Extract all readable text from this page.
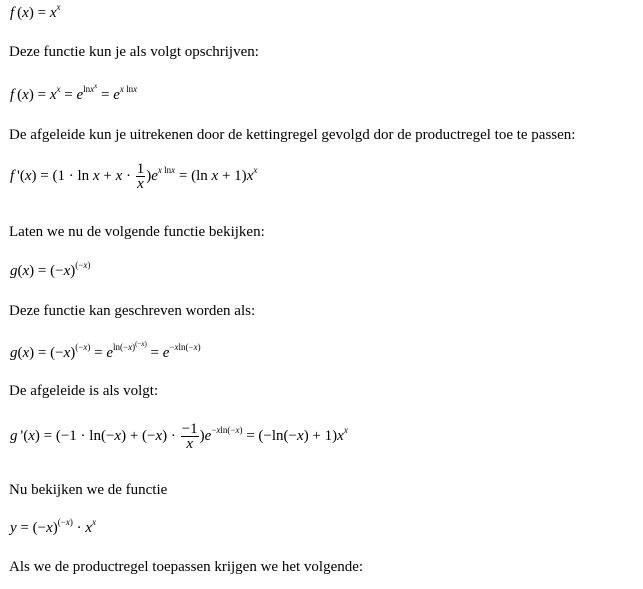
f $(x) = x^x$
Deze functie kun je als volgt opschrijven:
f $(x) = x^x = e^{lnx^x} = e^{x lnx}$
De afgeleide kun je uitrekenen door de kettingregel gevolgd dor de productregel toe te passen:
f '$(x) = (1 \cdot \ln x + x \cdot \frac{1}{x} )e^{x lnx} = (\ln$ $x + 1)x^x$
Laten we nu de volgende functie bekijken:
$g(x) = (-x)^{(-x)}$
Deze functie kan geschreven worden als:
$g(x) = (-x)^{(-x)} = e^{ln(-x)^{(-x)}} = e^{-xln(-x)}$
De afgeleide is als volgt:
g '$(x) = (-1 \cdot \ln(-x) + (-x) \cdot \frac{-1}{x} )e^{-xln(-x)} = (-\ln(-x) + 1)x^x$
Nu bekijken we de functie
$y = (-x)^{(-x)} \cdot x^x$
Als we de productregel toepassen krijgen we het volgende:
